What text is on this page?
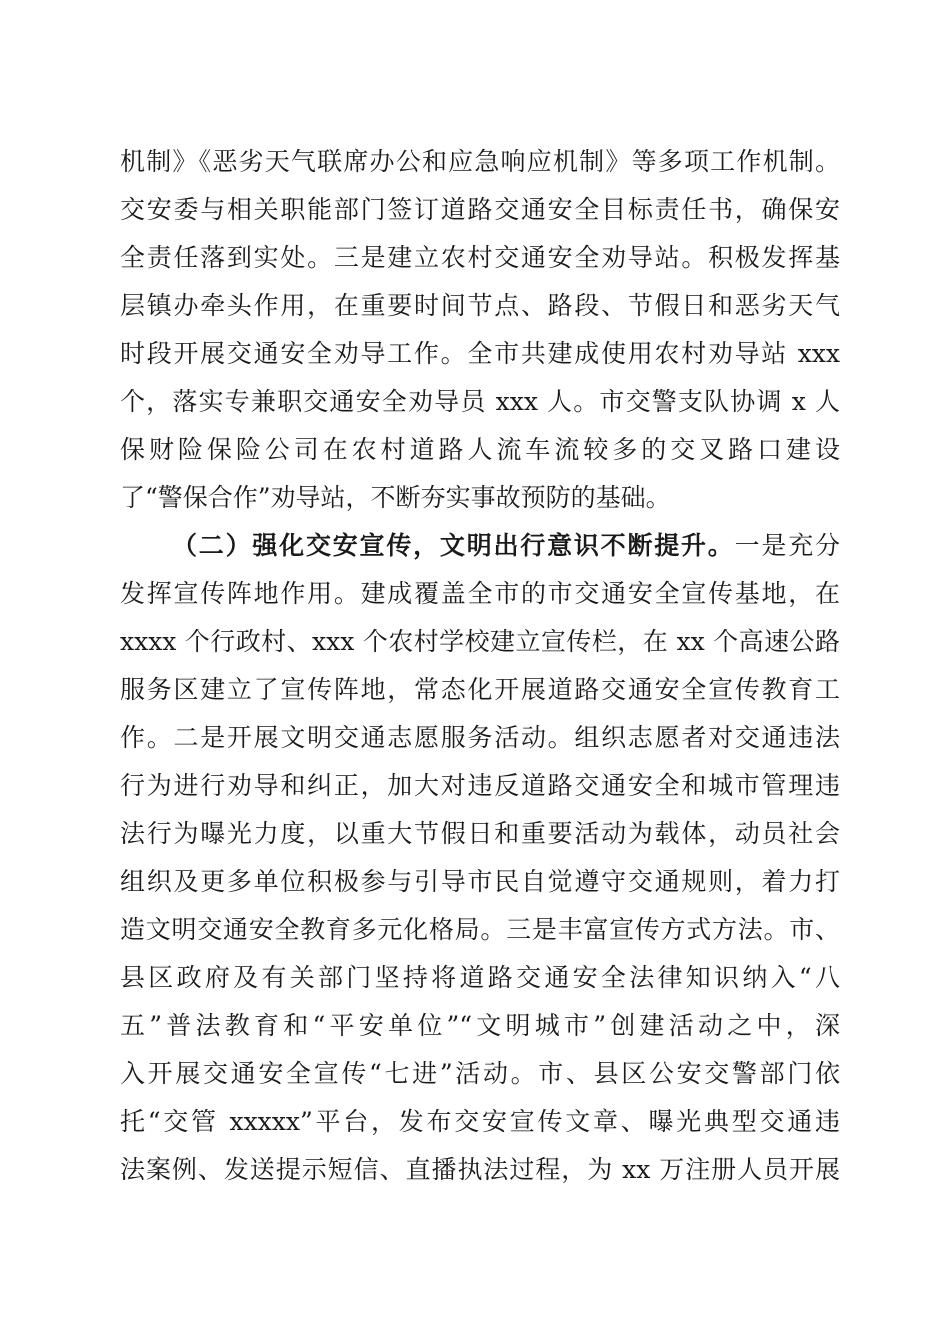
机制》《恶劣天气联席办公和应急响应机制》等多项工作机制。
交安委与相关职能部门签订道路交通安全目标责任书，确保安
全责任落到实处。三是建立农村交通安全劝导站。积极发挥基
层镇办牵头作用，在重要时间节点、路段、节假日和恶劣天气
时段开展交通安全劝导工作。全市共建成使用农村劝导站 xxx
个，落实专兼职交通安全劝导员 xxx 人。市交警支队协调 x 人
保财险保险公司在农村道路人流车流较多的交叉路口建设
了“警保合作”劝导站，不断夯实事故预防的基础。
（二）强化交安宣传，文明出行意识不断提升。一是充分
发挥宣传阵地作用。建成覆盖全市的市交通安全宣传基地，在
xxxx 个行政村、xxx 个农村学校建立宣传栏，在 xx 个高速公路
服务区建立了宣传阵地，常态化开展道路交通安全宣传教育工
作。二是开展文明交通志愿服务活动。组织志愿者对交通违法
行为进行劝导和纠正，加大对违反道路交通安全和城市管理违
法行为曝光力度，以重大节假日和重要活动为载体，动员社会
组织及更多单位积极参与引导市民自觉遵守交通规则，着力打
造文明交通安全教育多元化格局。三是丰富宣传方式方法。市、
县区政府及有关部门坚持将道路交通安全法律知识纳入“八
五”普法教育和“平安单位”“文明城市”创建活动之中，深
入开展交通安全宣传“七进”活动。市、县区公安交警部门依
托“交管 xxxxx”平台，发布交安宣传文章、曝光典型交通违
法案例、发送提示短信、直播执法过程，为 xx 万注册人员开展
